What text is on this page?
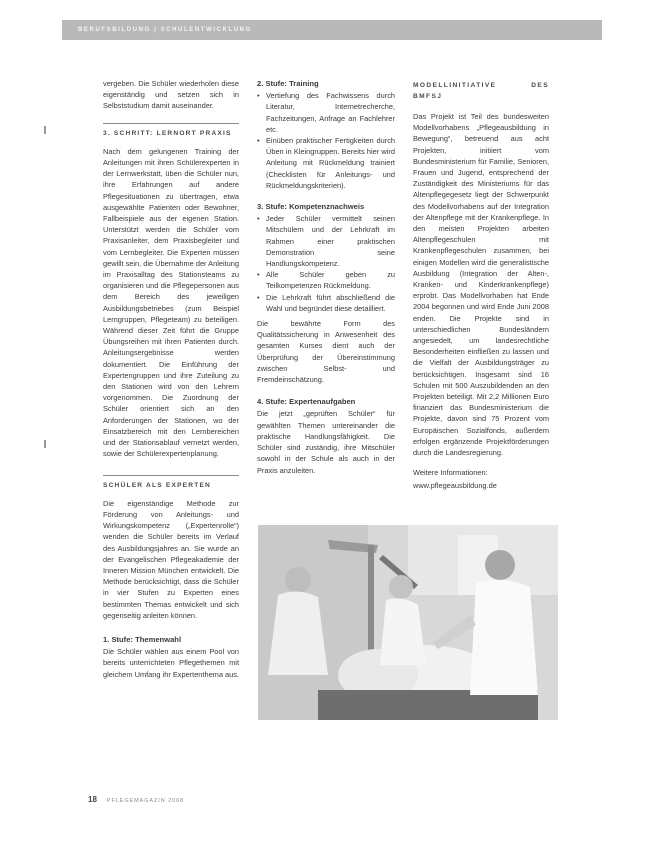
BERUFSBILDUNG | SCHULENTWICKLUNG

vergeben. Die Schüler wiederholen diese eigenständig und setzen sich in Selbststudium damit auseinander.

3. SCHRITT: LERNORT PRAXIS

Nach dem gelungenen Training der Anleitungen mit ihren Schülerexperten in der Lernwerkstatt, üben die Schüler nun, ihre Erfahrungen auf andere Pflegesituationen zu übertragen, etwa ausgewählte Patienten oder Bewohner, Fallbeispiele aus der eigenen Station. Unterstützt werden die Schüler vom Praxisanleiter, dem Praxisbegleiter und vom Lernbegleiter. Die Experten müssen gewillt sein, die Übernahme der Anleitung im Praxisalltag des Stationsteams zu organisieren und die Pflegepersonen aus dem Bereich des jeweiligen Ausbildungsbetriebes (zum Beispiel Lerngruppen, Pflegeteam) zu beteiligen. Während dieser Zeit führt die Gruppe Übungsreihen mit ihren Patienten durch. Anleitungsergebnisse werden dokumentiert. Die Einführung der Expertengruppen und ihre Zuteilung zu den Stationen wird von den Lehrern vorgenommen. Die Zuordnung der Schüler orientiert sich an den Anforderungen der Stationen, wo der Einsatzbereich mit den Lernbereichen und der Stationsablauf vernetzt werden, sowie der Schülerexpertenplanung.

SCHÜLER ALS EXPERTEN

Die eigenständige Methode zur Förderung von Anleitungs- und Wirkungskompetenz („Expertenrolle“) wenden die Schüler bereits im Verlauf des Ausbildungsjahres an. Sie wurde an der Evangelischen Pflegeakademie der Inneren Mission München entwickelt. Die Methode berücksichtigt, dass die Schüler in vier Stufen zu Experten eines bestimmten Themas entwickelt und sich gegenseitig anleiten können.

1. Stufe: Themenwahl

Die Schüler wählen aus einem Pool von bereits unterrichteten Pflegethemen mit gleichem Umfang ihr Expertenthema aus.

2. Stufe: Training

• Vertiefung des Fachwissens durch Literatur, Internetrecherche, Fachzeitungen, Anfrage an Fachlehrer etc.
• Einüben praktischer Fertigkeiten durch Üben in Kleingruppen. Bereits hier wird Anleitung mit Rückmeldung trainiert (Checklisten für Anleitungs- und Rückmeldungskriterien).

3. Stufe: Kompetenznachweis

• Jeder Schüler vermittelt seinen Mitschülern und der Lehrkraft im Rahmen einer praktischen Demonstration seine Handlungskompetenz.
• Alle Schüler geben zu Teilkompetenzen Rückmeldung.
• Die Lehrkraft führt abschließend die Wahl und begründet diese detailliert.

Die bewährte Form des Qualitätssicherung in Anwesenheit des gesamten Kurses dient auch der Überprüfung der Übereinstimmung zwischen Selbst- und Fremdeinschätzung.

4. Stufe: Expertenaufgaben

Die jetzt „geprüften Schüler“ für gewählten Themen untereinander die praktische Handlungsfähigkeit. Die Schüler sind zuständig, ihre Mitschüler sowohl in der Schule als auch in der Praxis anzuleiten.

MODELLINITIATIVE DES BMFSJ

Das Projekt ist Teil des bundesweiten Modellvorhabens „Pflegeausbildung in Bewegung“, betreuend aus acht Projekten, initiiert vom Bundesministerium für Familie, Senioren, Frauen und Jugend, entsprechend der Zuständigkeit des Ministeriums für das Altenpflegegesetz liegt der Schwerpunkt des Modellvorhabens auf der Integration der Altenpflege mit der Krankenpflege. In den meisten Projekten arbeiten Altenpflegeschulen mit Krankenpflegeschulen zusammen, bei einigen Modellen wird die generalistische Ausbildung (Integration der Alten-, Kranken- und Kinderkrankenpflege) erprobt. Das Modellvorhaben hat Ende 2004 begonnen und wird Ende Juni 2008 enden. Die Projekte sind in unterschiedlichen Bundesländern angesiedelt, um landesrechtliche Besonderheiten einfließen zu lassen und die Vielfalt der Ausbildungsträger zu berücksichtigen. Insgesamt sind 16 Schulen mit 500 Auszubildenden an den Projekten beteiligt. Mit 2,2 Millionen Euro finanziert das Bundesministerium die Projekte, davon sind 75 Prozent vom Europäischen Sozialfonds, außerdem erfolgen ergänzende Projektförderungen durch die Landesregierung.

Weitere Informationen:

www.pflegeausbildung.de

18 PFLEGEMAGAZIN 2008
